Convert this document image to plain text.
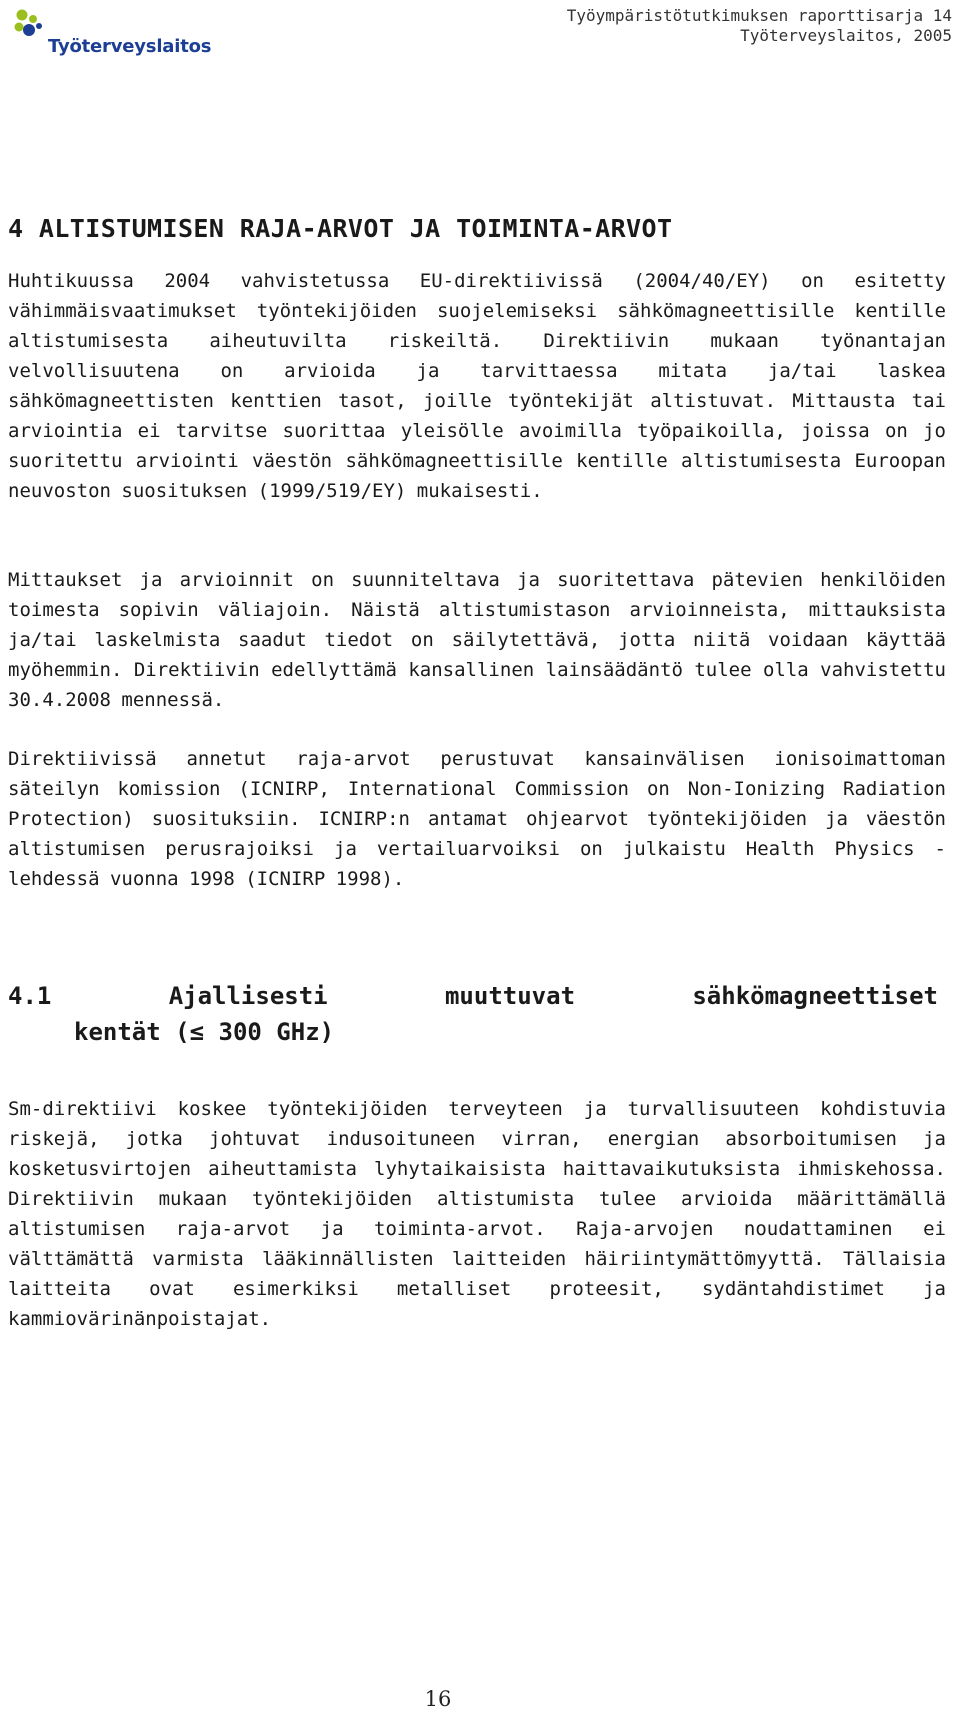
Työterveyslaitos
Työympäristötutkimuksen raporttisarja 14
Työterveyslaitos, 2005
4 ALTISTUMISEN RAJA-ARVOT JA TOIMINTA-ARVOT

Huhtikuussa 2004 vahvistetussa EU-direktiivissä (2004/40/EY) on esitetty vähimmäisvaatimukset työntekijöiden suojelemiseksi sähkömagneettisille kentille altistumisesta aiheutuvilta riskeiltä. Direktiivin mukaan työnantajan velvollisuutena on arvioida ja tarvittaessa mitata ja/tai laskea sähkömagneettisten kenttien tasot, joille työntekijät altistuvat. Mittausta tai arviointia ei tarvitse suorittaa yleisölle avoimilla työpaikoilla, joissa on jo suoritettu arviointi väestön sähkömagneettisille kentille altistumisesta Euroopan neuvoston suosituksen (1999/519/EY) mukaisesti.

Mittaukset ja arvioinnit on suunniteltava ja suoritettava pätevien henkilöiden toimesta sopivin väliajoin. Näistä altistumistason arvioinneista, mittauksista ja/tai laskelmista saadut tiedot on säilytettävä, jotta niitä voidaan käyttää myöhemmin. Direktiivin edellyttämä kansallinen lainsäädäntö tulee olla vahvistettu 30.4.2008 mennessä.

Direktiivissä annetut raja-arvot perustuvat kansainvälisen ionisoimattoman säteilyn komission (ICNIRP, International Commission on Non-Ionizing Radiation Protection) suosituksiin. ICNIRP:n antamat ohjearvot työntekijöiden ja väestön altistumisen perusrajoiksi ja vertailuarvoiksi on julkaistu Health Physics -lehdessä vuonna 1998 (ICNIRP 1998).

4.1	Ajallisesti	muuttuvat	sähkömagneettiset
kentät (≤ 300 GHz)

Sm-direktiivi koskee työntekijöiden terveyteen ja turvallisuuteen kohdistuvia riskejä, jotka johtuvat indusoituneen virran, energian absorboitumisen ja kosketusvirtojen aiheuttamista lyhytaikaisista haittavaikutuksista ihmiskehossa. Direktiivin mukaan työntekijöiden altistumista tulee arvioida määrittämällä altistumisen raja-arvot ja toiminta-arvot. Raja-arvojen noudattaminen ei välttämättä varmista lääkinnällisten laitteiden häiriintymättömyyttä. Tällaisia laitteita ovat esimerkiksi metalliset proteesit, sydäntahdistimet ja kammiovärinänpoistajat.

16
